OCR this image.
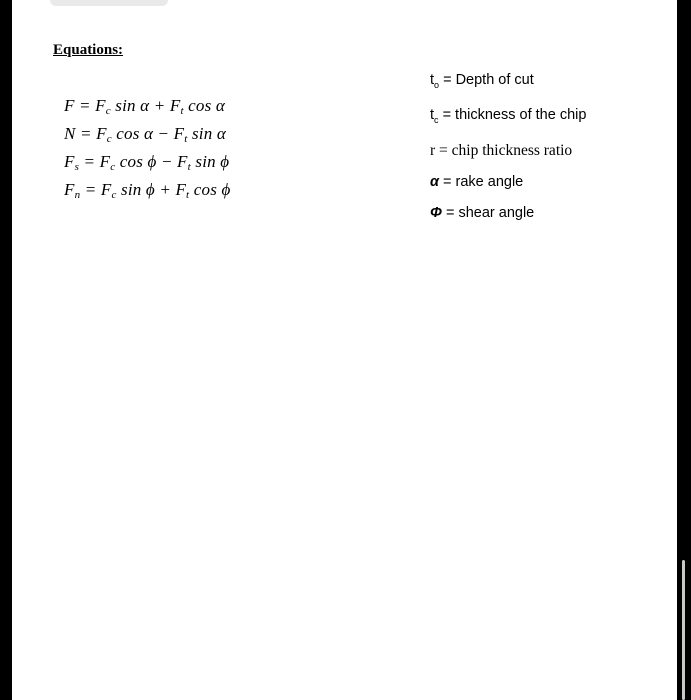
Equations:
$F = F_c$ $\sin \alpha + F_t$ cos α
$N = F_c$ $\cos \alpha - F_t$ sin α
$F_s = F_c$ $\cos \phi - F_t$ sin ϕ
$F_n = F_c$ $\sin \phi + F_t$ cos ϕ
$t_o$ = Depth of cut
$t_c$ = thickness of the chip
r = chip thickness ratio
α = rake angle
Φ = shear angle
